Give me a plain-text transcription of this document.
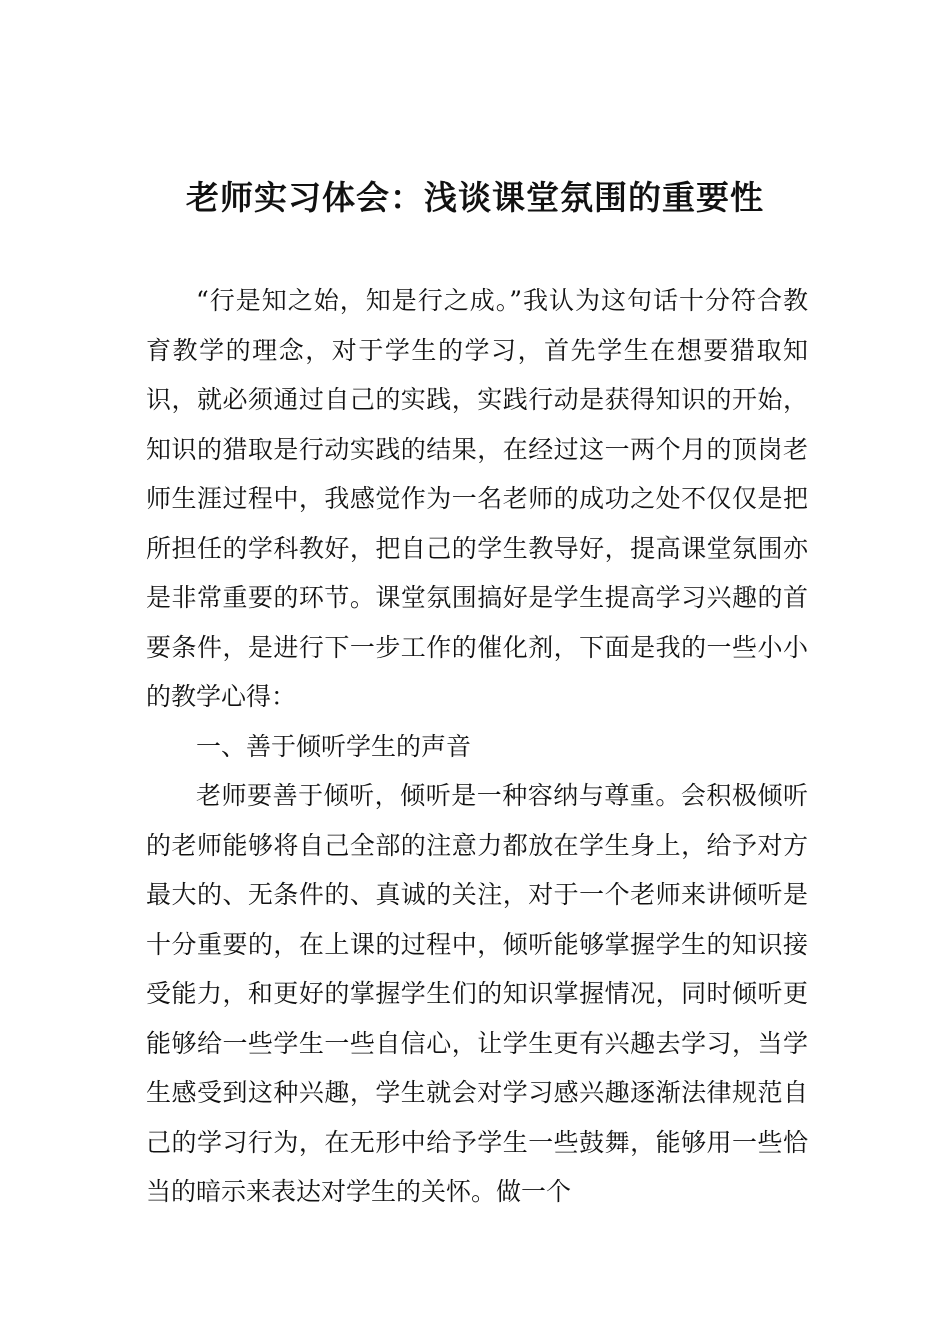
老师实习体会：浅谈课堂氛围的重要性

“行是知之始，知是行之成。”我认为这句话十分符合教育教学的理念，对于学生的学习，首先学生在想要猎取知识，就必须通过自己的实践，实践行动是获得知识的开始，知识的猎取是行动实践的结果，在经过这一两个月的顶岗老师生涯过程中，我感觉作为一名老师的成功之处不仅仅是把所担任的学科教好，把自己的学生教导好，提高课堂氛围亦是非常重要的环节。课堂氛围搞好是学生提高学习兴趣的首要条件，是进行下一步工作的催化剂，下面是我的一些小小的教学心得：

一、善于倾听学生的声音

老师要善于倾听，倾听是一种容纳与尊重。会积极倾听的老师能够将自己全部的注意力都放在学生身上，给予对方最大的、无条件的、真诚的关注，对于一个老师来讲倾听是十分重要的，在上课的过程中，倾听能够掌握学生的知识接受能力，和更好的掌握学生们的知识掌握情况，同时倾听更能够给一些学生一些自信心，让学生更有兴趣去学习，当学生感受到这种兴趣，学生就会对学习感兴趣逐渐法律规范自己的学习行为，在无形中给予学生一些鼓舞，能够用一些恰当的暗示来表达对学生的关怀。做一个
